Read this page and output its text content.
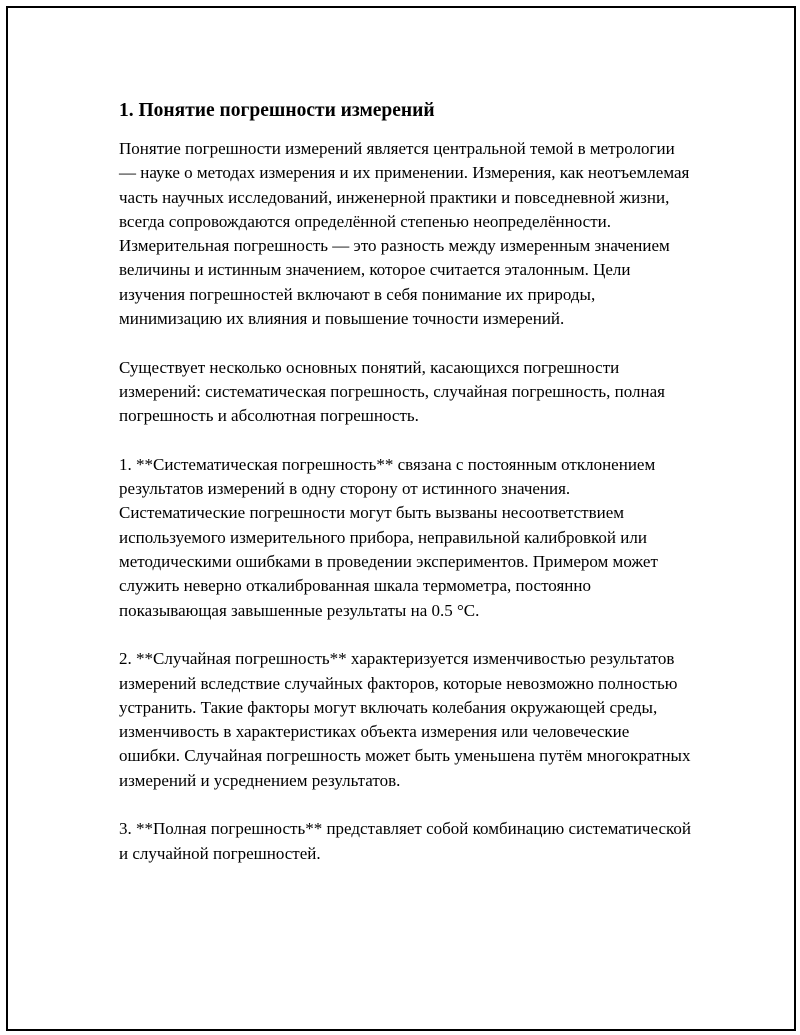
1. Понятие погрешности измерений

Понятие погрешности измерений является центральной темой в метрологии — науке о методах измерения и их применении. Измерения, как неотъемлемая часть научных исследований, инженерной практики и повседневной жизни, всегда сопровождаются определённой степенью неопределённости. Измерительная погрешность — это разность между измеренным значением величины и истинным значением, которое считается эталонным. Цели изучения погрешностей включают в себя понимание их природы, минимизацию их влияния и повышение точности измерений.

Существует несколько основных понятий, касающихся погрешности измерений: систематическая погрешность, случайная погрешность, полная погрешность и абсолютная погрешность.

1. **Систематическая погрешность** связана с постоянным отклонением результатов измерений в одну сторону от истинного значения. Систематические погрешности могут быть вызваны несоответствием используемого измерительного прибора, неправильной калибровкой или методическими ошибками в проведении экспериментов. Примером может служить неверно откалиброванная шкала термометра, постоянно показывающая завышенные результаты на 0.5 °C.

2. **Случайная погрешность** характеризуется изменчивостью результатов измерений вследствие случайных факторов, которые невозможно полностью устранить. Такие факторы могут включать колебания окружающей среды, изменчивость в характеристиках объекта измерения или человеческие ошибки. Случайная погрешность может быть уменьшена путём многократных измерений и усреднением результатов.

3. **Полная погрешность** представляет собой комбинацию систематической и случайной погрешностей.
